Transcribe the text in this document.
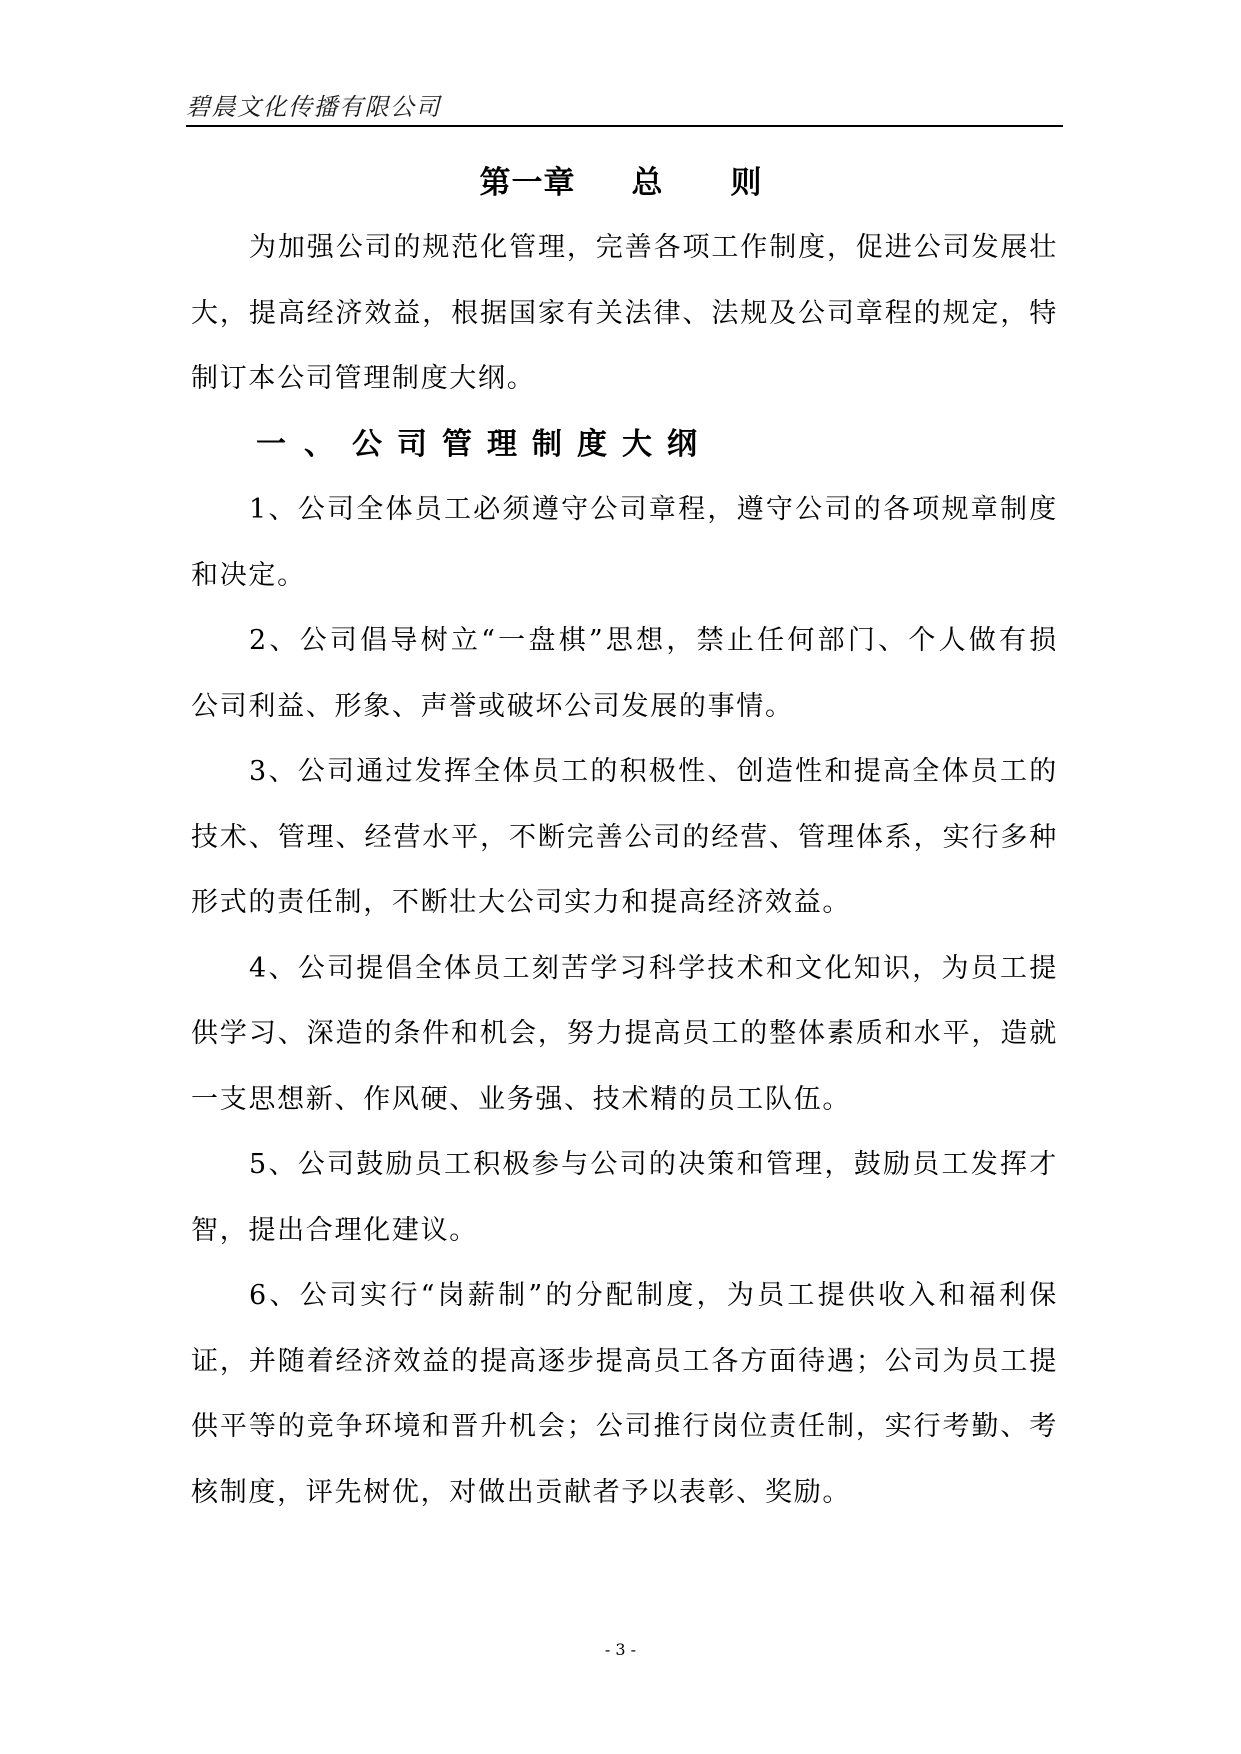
碧晨文化传播有限公司
第一章 总 则
为加强公司的规范化管理，完善各项工作制度，促进公司发展壮
大，提高经济效益，根据国家有关法律、法规及公司章程的规定，特
制订本公司管理制度大纲。
一、公司管理制度大纲
1、公司全体员工必须遵守公司章程，遵守公司的各项规章制度
和决定。
2、公司倡导树立“一盘棋”思想，禁止任何部门、个人做有损
公司利益、形象、声誉或破坏公司发展的事情。
3、公司通过发挥全体员工的积极性、创造性和提高全体员工的
技术、管理、经营水平，不断完善公司的经营、管理体系，实行多种
形式的责任制，不断壮大公司实力和提高经济效益。
4、公司提倡全体员工刻苦学习科学技术和文化知识，为员工提
供学习、深造的条件和机会，努力提高员工的整体素质和水平，造就
一支思想新、作风硬、业务强、技术精的员工队伍。
5、公司鼓励员工积极参与公司的决策和管理，鼓励员工发挥才
智，提出合理化建议。
6、公司实行“岗薪制”的分配制度，为员工提供收入和福利保
证，并随着经济效益的提高逐步提高员工各方面待遇；公司为员工提
供平等的竞争环境和晋升机会；公司推行岗位责任制，实行考勤、考
核制度，评先树优，对做出贡献者予以表彰、奖励。
- 3 -
